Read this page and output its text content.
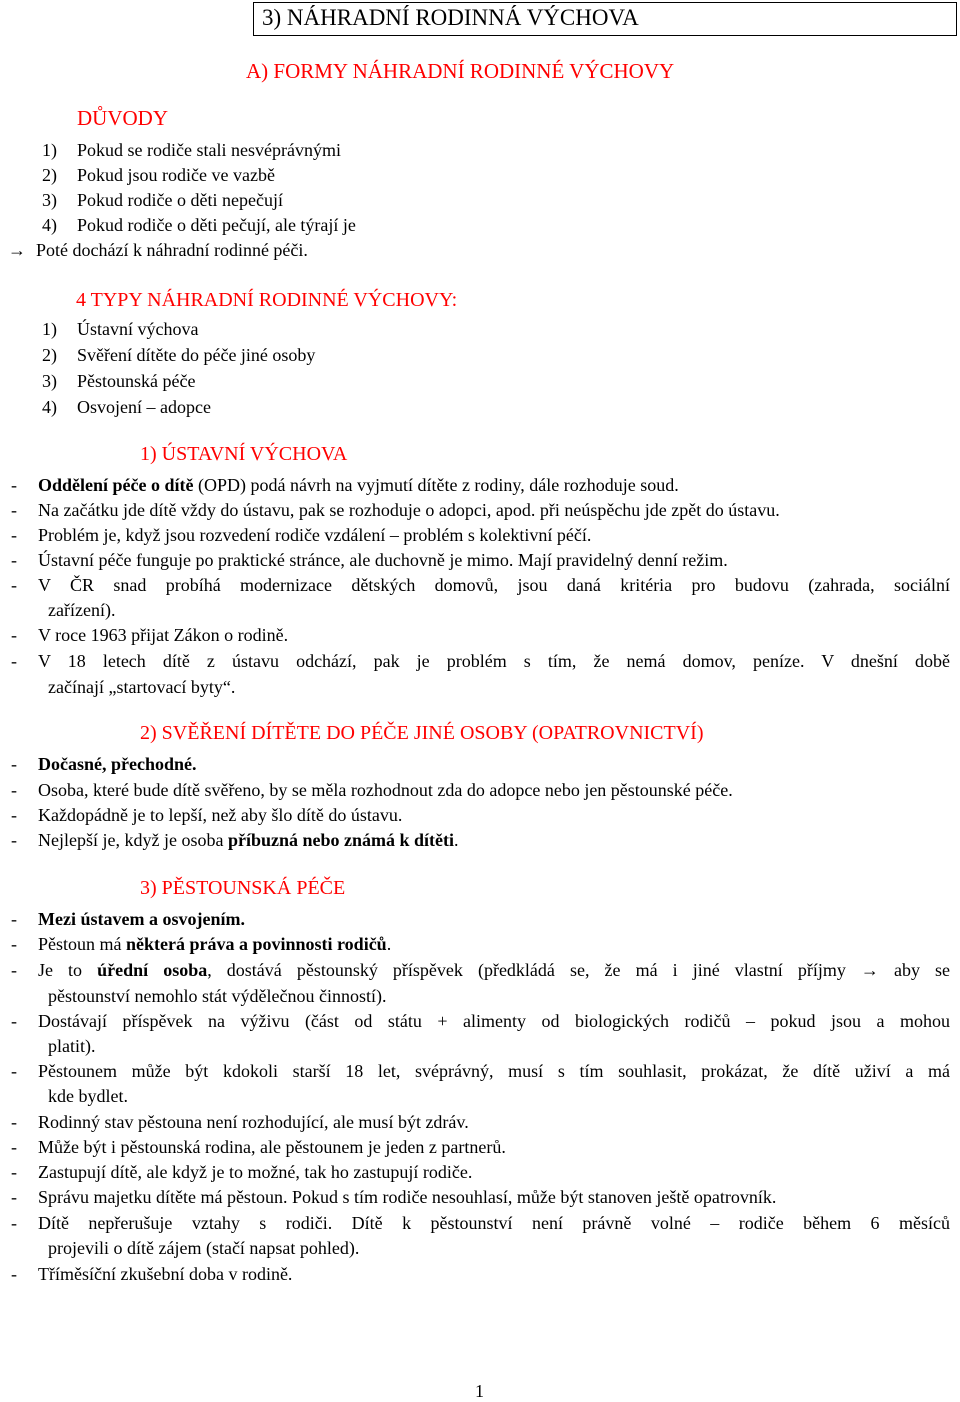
3) NÁHRADNÍ RODINNÁ VÝCHOVA
A) FORMY NÁHRADNÍ RODINNÉ VÝCHOVY
DŮVODY
1) Pokud se rodiče stali nesvéprávnými
2) Pokud jsou rodiče ve vazbě
3) Pokud rodiče o děti nepečují
4) Pokud rodiče o děti pečují, ale týrají je
→ Poté dochází k náhradní rodinné péči.
4 TYPY NÁHRADNÍ RODINNÉ VÝCHOVY:
1) Ústavní výchova
2) Svěření dítěte do péče jiné osoby
3) Pěstounská péče
4) Osvojení – adopce
1) ÚSTAVNÍ VÝCHOVA
- Oddělení péče o dítě (OPD) podá návrh na vyjmutí dítěte z rodiny, dále rozhoduje soud.
- Na začátku jde dítě vždy do ústavu, pak se rozhoduje o adopci, apod. při neúspěchu jde zpět do ústavu.
- Problém je, když jsou rozvedení rodiče vzdálení – problém s kolektivní péčí.
- Ústavní péče funguje po praktické stránce, ale duchovně je mimo. Mají pravidelný denní režim.
- V ČR snad probíhá modernizace dětských domovů, jsou daná kritéria pro budovu (zahrada, sociální
zařízení).
- V roce 1963 přijat Zákon o rodině.
- V 18 letech dítě z ústavu odchází, pak je problém s tím, že nemá domov, peníze. V dnešní době
začínají „startovací byty“.
2) SVĚŘENÍ DÍTĚTE DO PÉČE JINÉ OSOBY (OPATROVNICTVÍ)
- Dočasné, přechodné.
- Osoba, které bude dítě svěřeno, by se měla rozhodnout zda do adopce nebo jen pěstounské péče.
- Každopádně je to lepší, než aby šlo dítě do ústavu.
- Nejlepší je, když je osoba příbuzná nebo známá k dítěti.
3) PĚSTOUNSKÁ PÉČE
- Mezi ústavem a osvojením.
- Pěstoun má některá práva a povinnosti rodičů.
- Je to úřední osoba, dostává pěstounský příspěvek (předkládá se, že má i jiné vlastní příjmy → aby se
pěstounství nemohlo stát výdělečnou činností).
- Dostávají příspěvek na výživu (část od státu + alimenty od biologických rodičů – pokud jsou a mohou
platit).
- Pěstounem může být kdokoli starší 18 let, svéprávný, musí s tím souhlasit, prokázat, že dítě uživí a má
kde bydlet.
- Rodinný stav pěstouna není rozhodující, ale musí být zdráv.
- Může být i pěstounská rodina, ale pěstounem je jeden z partnerů.
- Zastupují dítě, ale když je to možné, tak ho zastupují rodiče.
- Správu majetku dítěte má pěstoun. Pokud s tím rodiče nesouhlasí, může být stanoven ještě opatrovník.
- Dítě nepřerušuje vztahy s rodiči. Dítě k pěstounství není právně volné – rodiče během 6 měsíců
projevili o dítě zájem (stačí napsat pohled).
- Tříměsíční zkušební doba v rodině.
1
